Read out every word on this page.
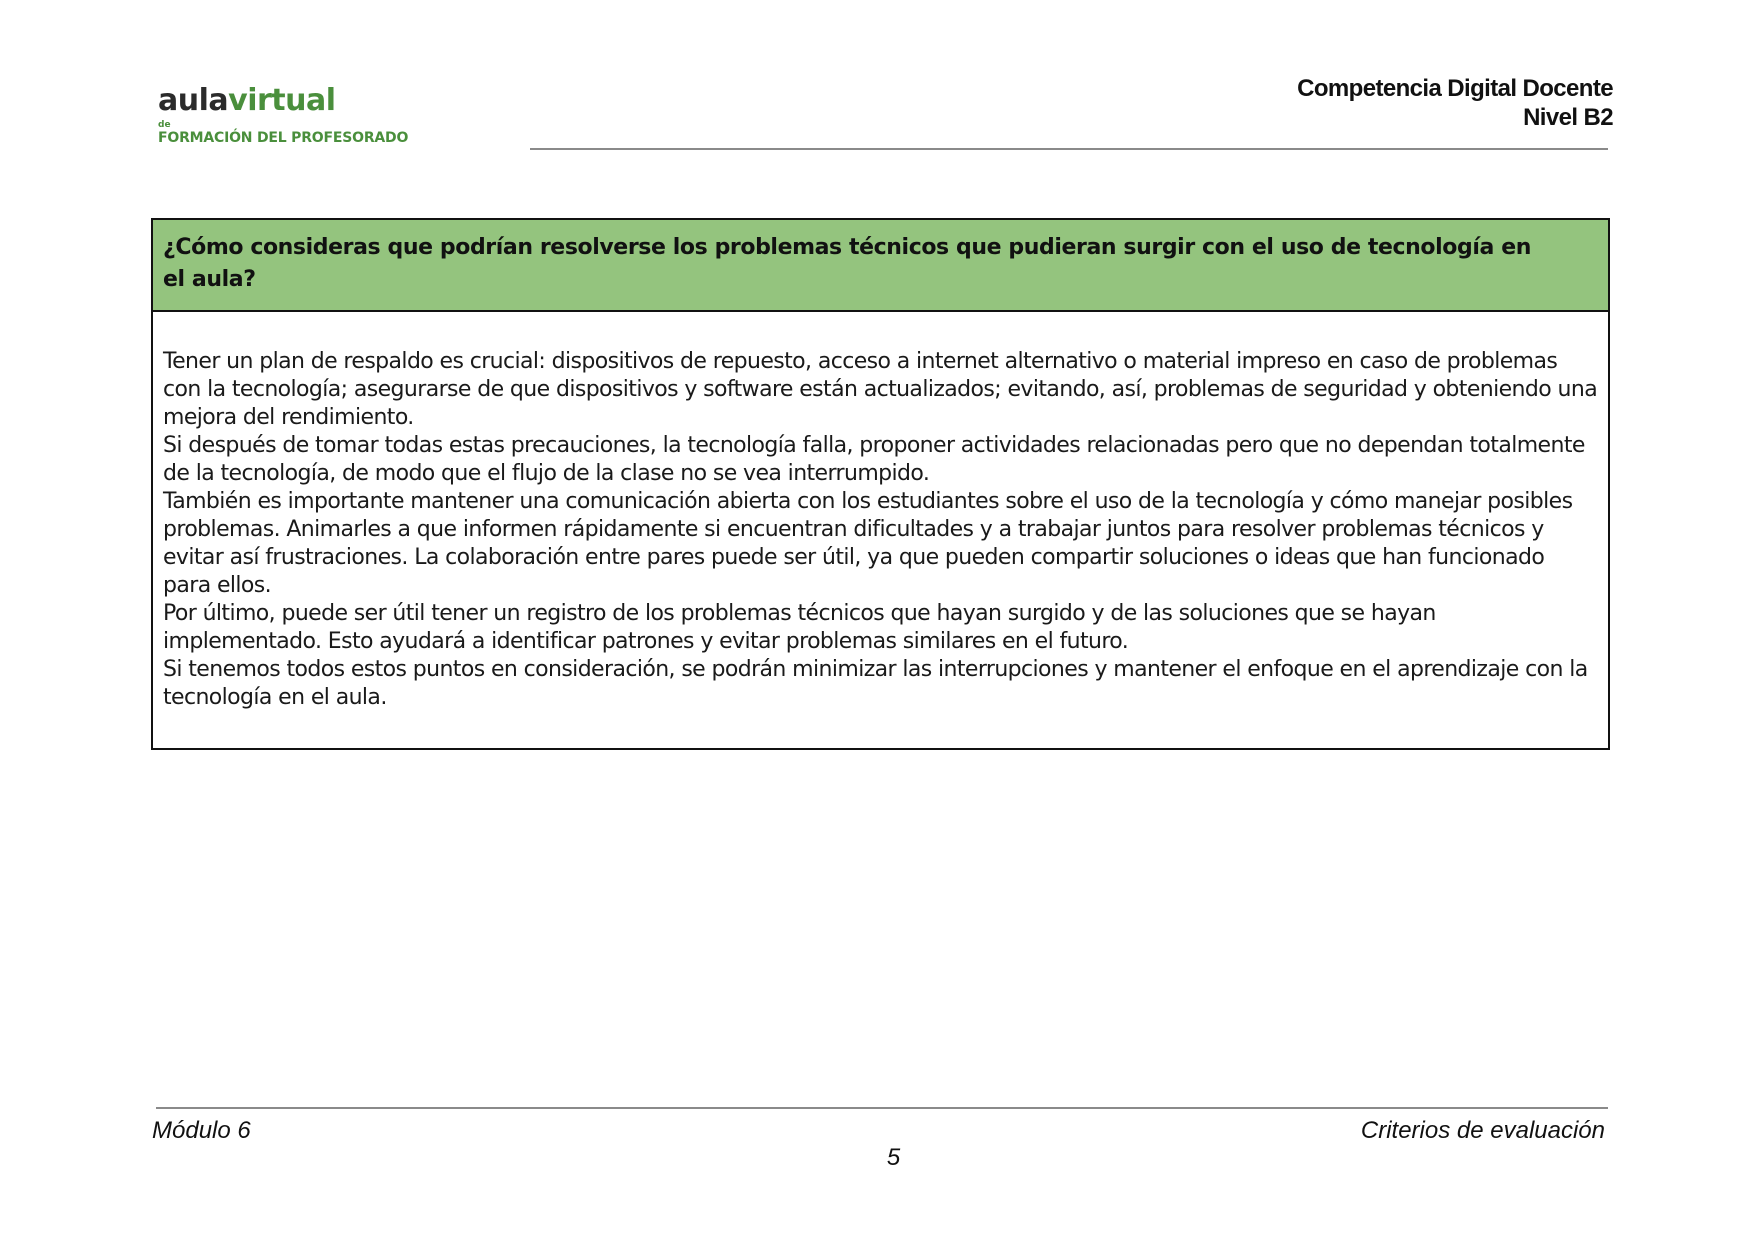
aulavirtual
de
FORMACIÓN DEL PROFESORADO
Competencia Digital Docente
Nivel B2
¿Cómo consideras que podrían resolverse los problemas técnicos que pudieran surgir con el uso de tecnología en el aula?

Tener un plan de respaldo es crucial: dispositivos de repuesto, acceso a internet alternativo o material impreso en caso de problemas con la tecnología; asegurarse de que dispositivos y software están actualizados; evitando, así, problemas de seguridad y obteniendo una mejora del rendimiento.

Si después de tomar todas estas precauciones, la tecnología falla, proponer actividades relacionadas pero que no dependan totalmente de la tecnología, de modo que el flujo de la clase no se vea interrumpido.

También es importante mantener una comunicación abierta con los estudiantes sobre el uso de la tecnología y cómo manejar posibles problemas. Animarles a que informen rápidamente si encuentran dificultades y a trabajar juntos para resolver problemas técnicos y evitar así frustraciones. La colaboración entre pares puede ser útil, ya que pueden compartir soluciones o ideas que han funcionado para ellos.

Por último, puede ser útil tener un registro de los problemas técnicos que hayan surgido y de las soluciones que se hayan implementado. Esto ayudará a identificar patrones y evitar problemas similares en el futuro.

Si tenemos todos estos puntos en consideración, se podrán minimizar las interrupciones y mantener el enfoque en el aprendizaje con la tecnología en el aula.

Módulo 6	Criterios de evaluación
5
